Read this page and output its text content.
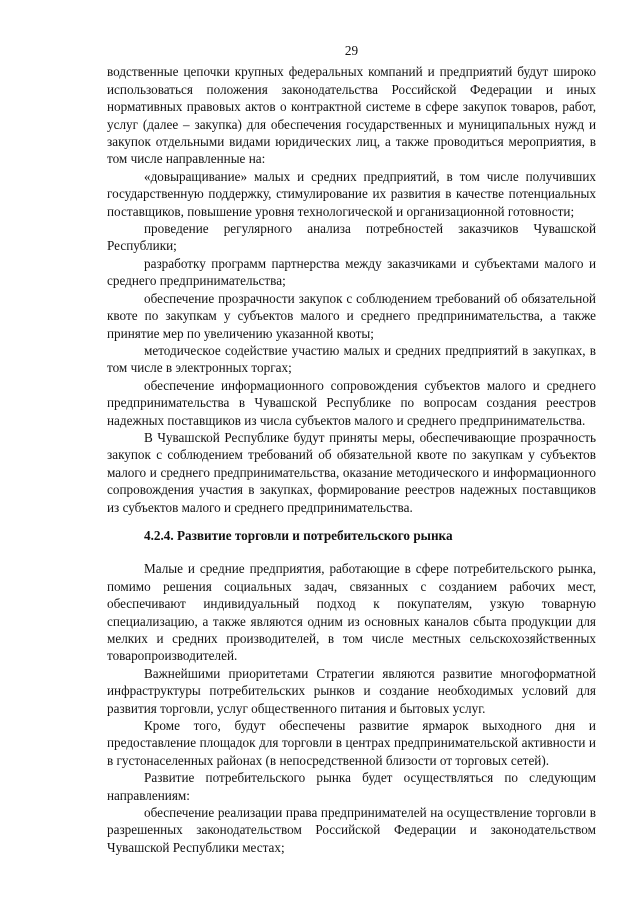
29

водственные цепочки крупных федеральных компаний и предприятий будут широко использоваться положения законодательства Российской Федерации и иных нормативных правовых актов о контрактной системе в сфере закупок товаров, работ, услуг (далее – закупка) для обеспечения государственных и муниципальных нужд и закупок отдельными видами юридических лиц, а также проводиться мероприятия, в том числе направленные на:

«довыращивание» малых и средних предприятий, в том числе получивших государственную поддержку, стимулирование их развития в качестве потенциальных поставщиков, повышение уровня технологической и организационной готовности;

проведение регулярного анализа потребностей заказчиков Чувашской Республики;

разработку программ партнерства между заказчиками и субъектами малого и среднего предпринимательства;

обеспечение прозрачности закупок с соблюдением требований об обязательной квоте по закупкам у субъектов малого и среднего предпринимательства, а также принятие мер по увеличению указанной квоты;

методическое содействие участию малых и средних предприятий в закупках, в том числе в электронных торгах;

обеспечение информационного сопровождения субъектов малого и среднего предпринимательства в Чувашской Республике по вопросам создания реестров надежных поставщиков из числа субъектов малого и среднего предпринимательства.

В Чувашской Республике будут приняты меры, обеспечивающие прозрачность закупок с соблюдением требований об обязательной квоте по закупкам у субъектов малого и среднего предпринимательства, оказание методического и информационного сопровождения участия в закупках, формирование реестров надежных поставщиков из субъектов малого и среднего предпринимательства.

4.2.4. Развитие торговли и потребительского рынка

Малые и средние предприятия, работающие в сфере потребительского рынка, помимо решения социальных задач, связанных с созданием рабочих мест, обеспечивают индивидуальный подход к покупателям, узкую товарную специализацию, а также являются одним из основных каналов сбыта продукции для мелких и средних производителей, в том числе местных сельскохозяйственных товаропроизводителей.

Важнейшими приоритетами Стратегии являются развитие многоформатной инфраструктуры потребительских рынков и создание необходимых условий для развития торговли, услуг общественного питания и бытовых услуг.

Кроме того, будут обеспечены развитие ярмарок выходного дня и предоставление площадок для торговли в центрах предпринимательской активности и в густонаселенных районах (в непосредственной близости от торговых сетей).

Развитие потребительского рынка будет осуществляться по следующим направлениям:

обеспечение реализации права предпринимателей на осуществление торговли в разрешенных законодательством Российской Федерации и законодательством Чувашской Республики местах;
